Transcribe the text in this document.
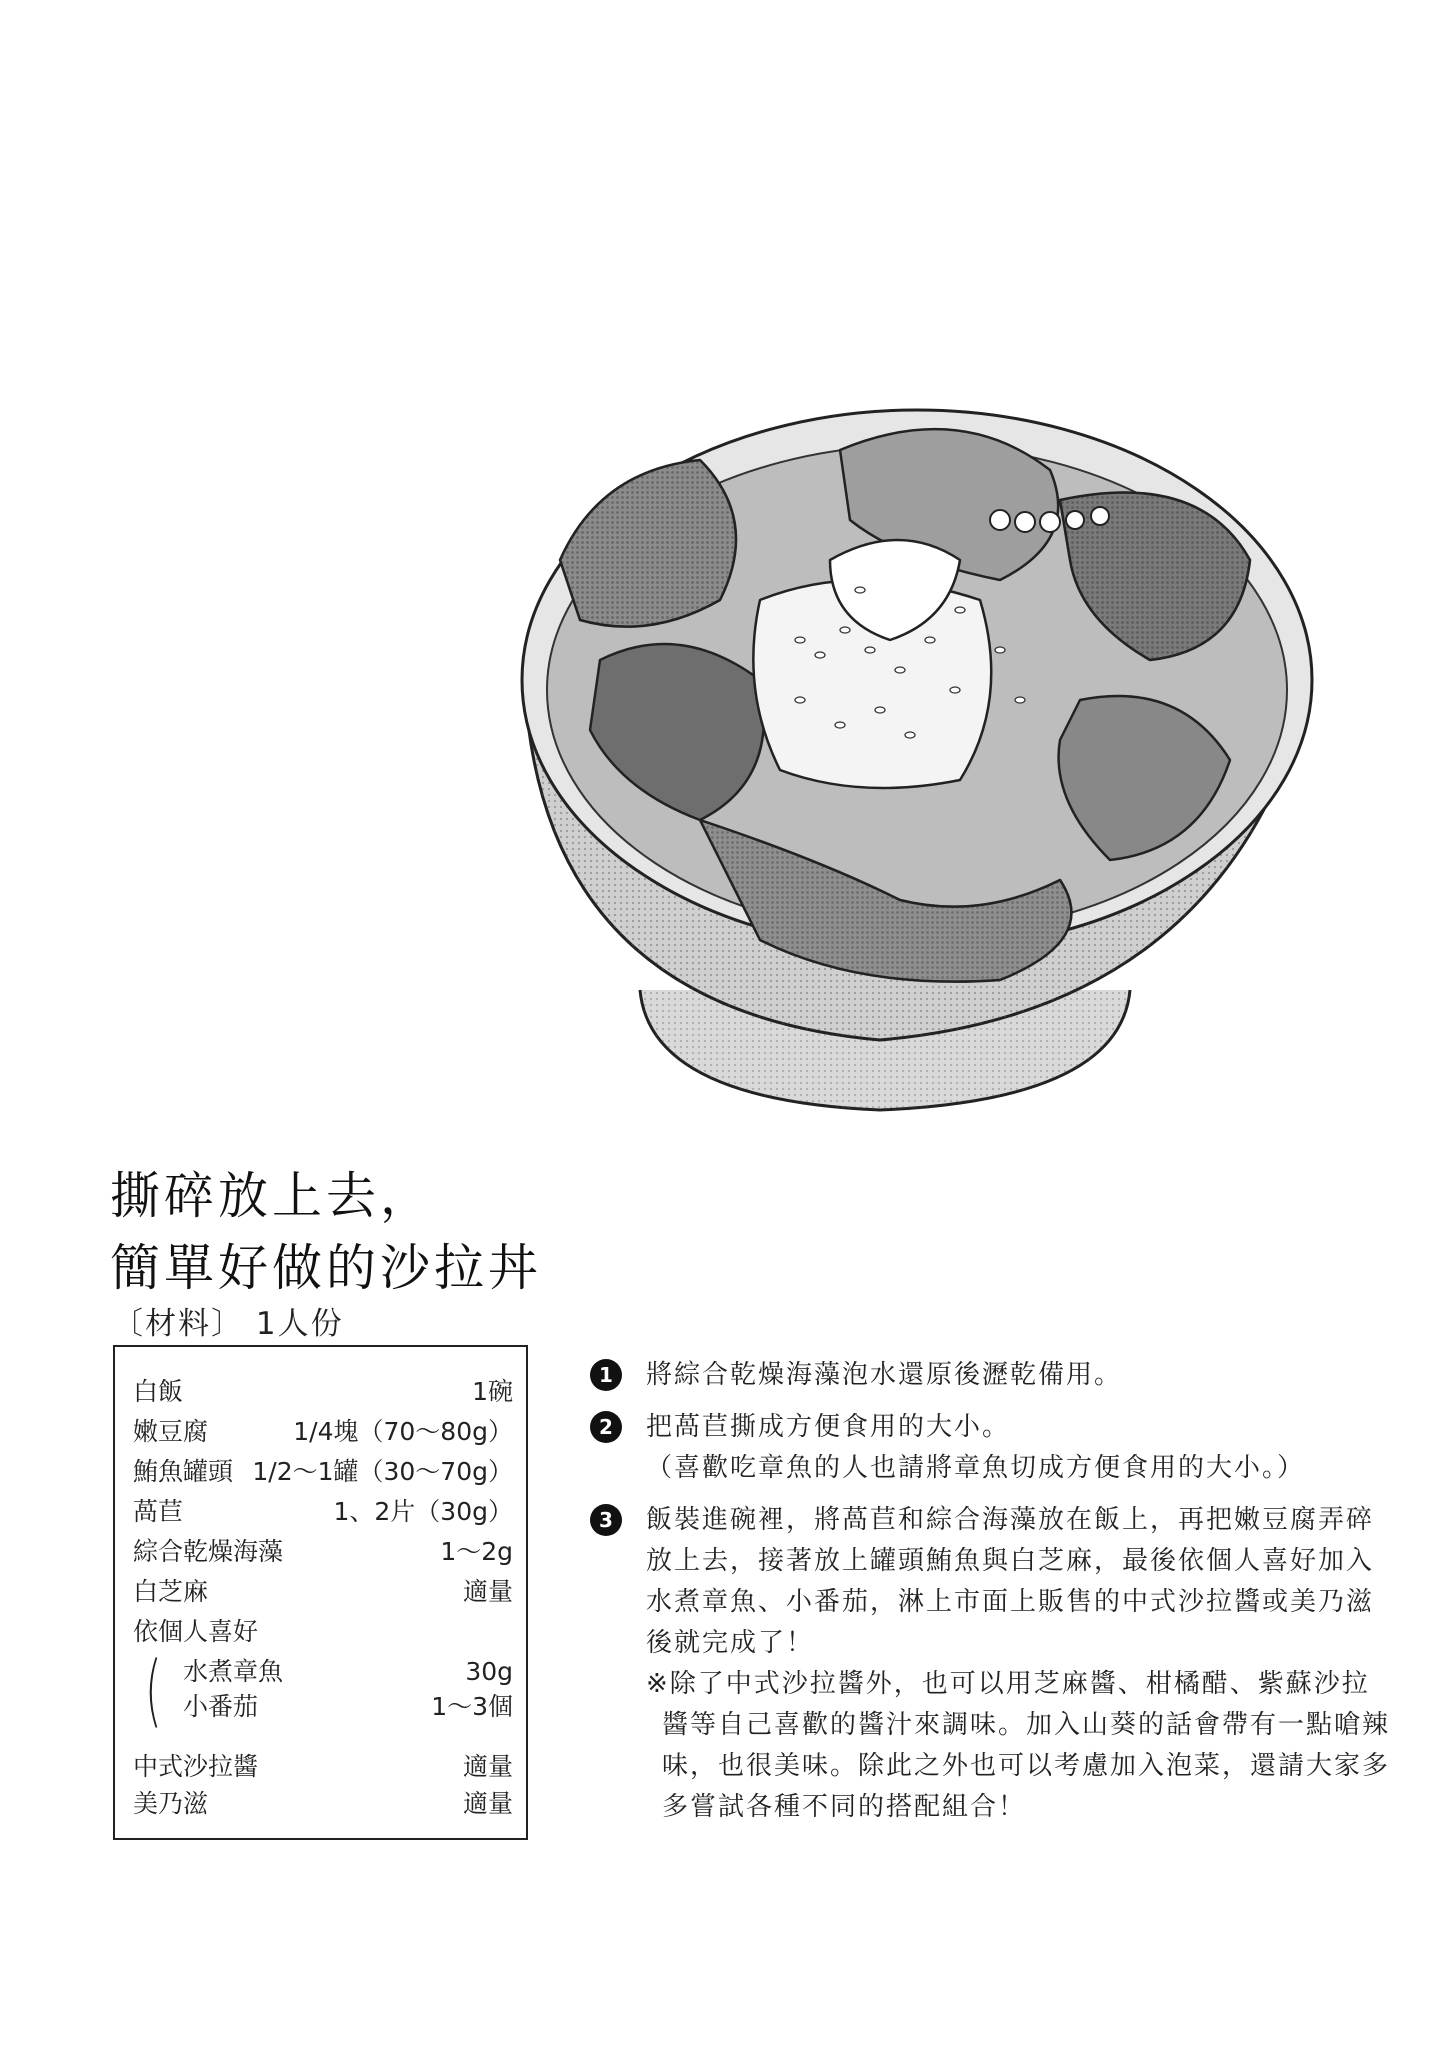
撕碎放上去，
簡單好做的沙拉丼
〔材料〕 1人份
白飯	1碗
嫩豆腐	1/4塊（70〜80g）
鮪魚罐頭 1/2〜1罐（30〜70g）
萵苣	1、2片（30g）
綜合乾燥海藻	1〜2g
白芝麻	適量
依個人喜好
( 水煮章魚	30g
小番茄	1〜3個
中式沙拉醬	適量
美乃滋	適量
1	將綜合乾燥海藻泡水還原後瀝乾備用。
2	把萵苣撕成方便食用的大小。
（喜歡吃章魚的人也請將章魚切成方便食用的大小。）
3	飯裝進碗裡，將萵苣和綜合海藻放在飯上，再把嫩豆腐弄碎
放上去，接著放上罐頭鮪魚與白芝麻，最後依個人喜好加入
水煮章魚、小番茄，淋上市面上販售的中式沙拉醬或美乃滋
後就完成了！
※除了中式沙拉醬外，也可以用芝麻醬、柑橘醋、紫蘇沙拉
醬等自己喜歡的醬汁來調味。加入山葵的話會帶有一點嗆辣
味，也很美味。除此之外也可以考慮加入泡菜，還請大家多
多嘗試各種不同的搭配組合！
